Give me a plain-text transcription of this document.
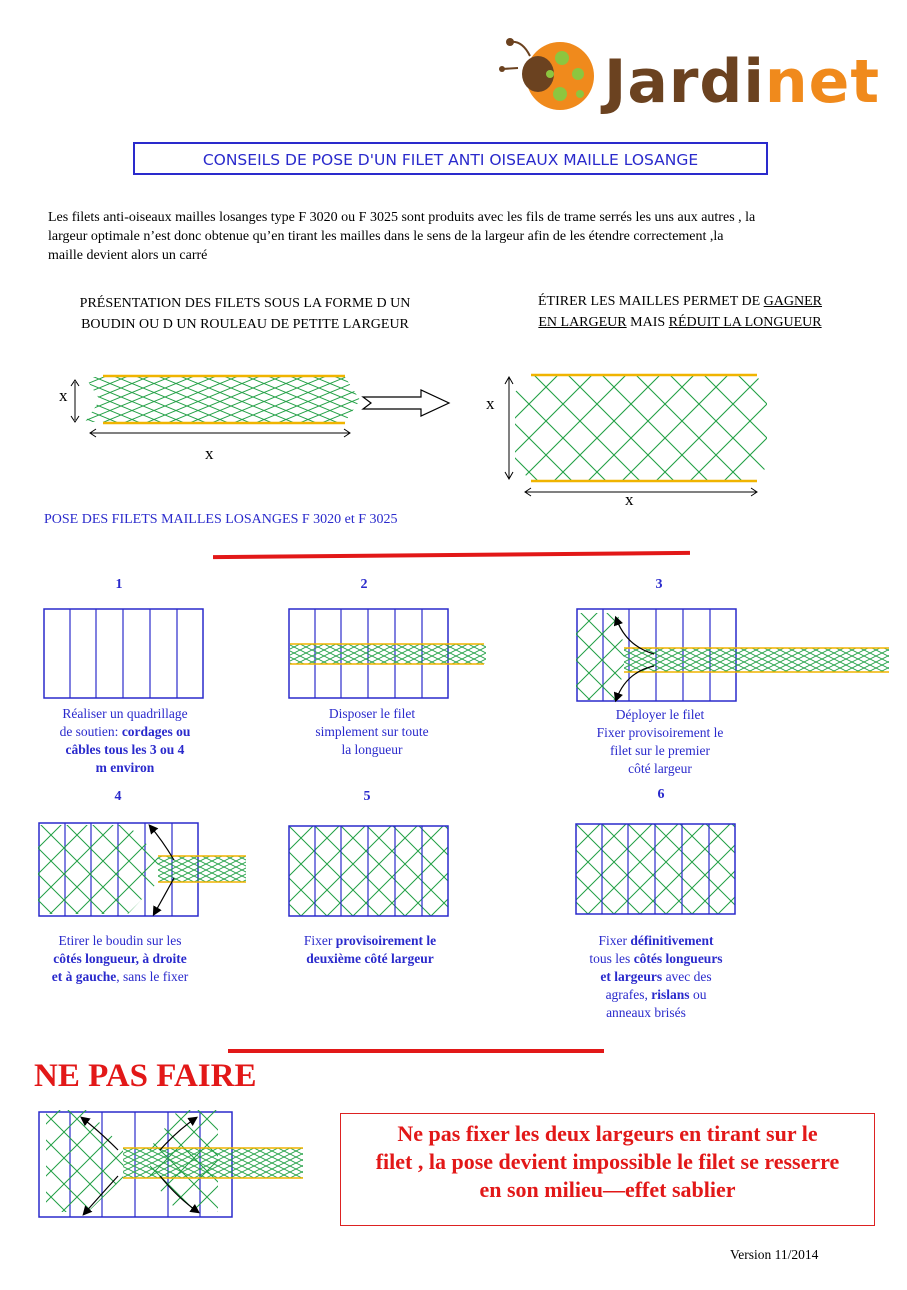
Jardinet
CONSEILS DE POSE D'UN FILET ANTI OISEAUX MAILLE LOSANGE
Les filets anti-oiseaux mailles losanges type F 3020 ou F 3025 sont produits avec les fils de trame serrés les uns aux autres , la
largeur optimale n’est donc obtenue qu’en tirant les mailles dans le sens de la largeur afin de les étendre correctement ,la
maille devient alors un carré
PRÉSENTATION DES FILETS SOUS LA FORME D UN
BOUDIN OU D UN ROULEAU DE PETITE LARGEUR
ÉTIRER LES MAILLES PERMET DE GAGNER
EN LARGEUR MAIS RÉDUIT LA LONGUEUR
x
x
x
x
POSE DES FILETS MAILLES LOSANGES F 3020 et F 3025
1	2	3
Réaliser un quadrillage
de soutien: cordages ou
câbles tous les 3 ou 4
m environ
Disposer le filet
simplement sur toute
la longueur
Déployer le filet
Fixer provisoirement le
filet sur le premier
côté largeur
4	5	6
Etirer le boudin sur les
côtés longueur, à droite
et à gauche, sans le fixer
Fixer provisoirement le
deuxième côté largeur
Fixer définitivement
tous les côtés longueurs
et largeurs avec des
agrafes, rislans ou
anneaux brisés
NE PAS FAIRE
Ne pas fixer les deux largeurs en tirant sur le
filet , la pose devient impossible le filet se resserre
en son milieu—effet sablier
Version 11/2014
